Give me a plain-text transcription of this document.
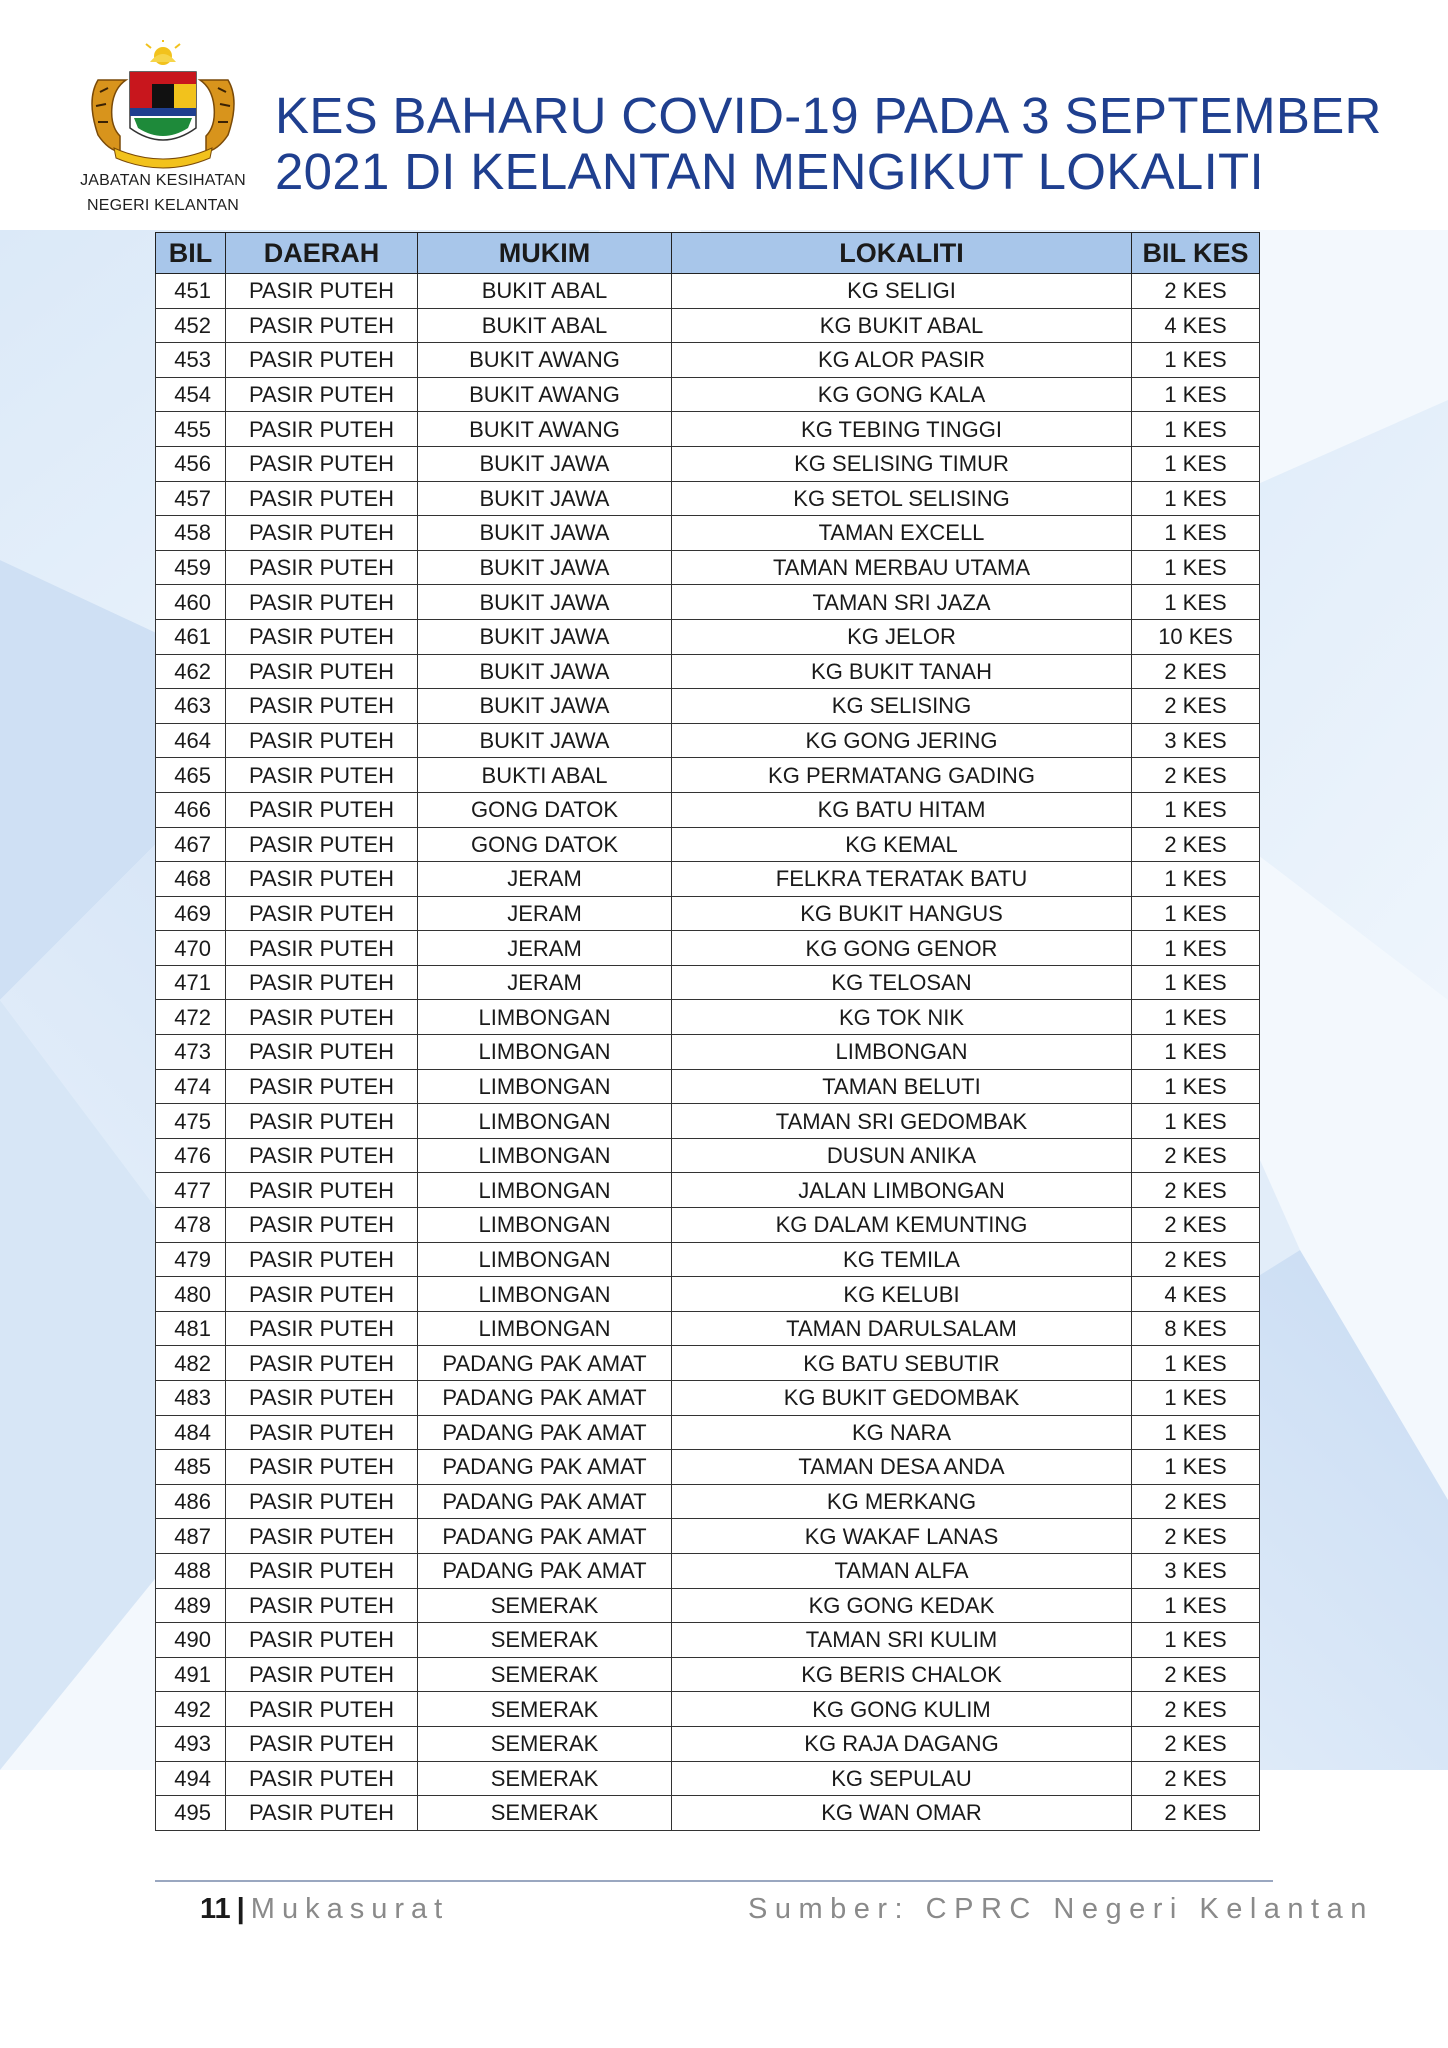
JABATAN KESIHATAN
NEGERI KELANTAN
KES BAHARU COVID-19 PADA 3 SEPTEMBER
2021 DI KELANTAN MENGIKUT LOKALITI
BIL	DAERAH	MUKIM	LOKALITI	BIL KES
451	PASIR PUTEH	BUKIT ABAL	KG SELIGI	2 KES
452	PASIR PUTEH	BUKIT ABAL	KG BUKIT ABAL	4 KES
453	PASIR PUTEH	BUKIT AWANG	KG ALOR PASIR	1 KES
454	PASIR PUTEH	BUKIT AWANG	KG GONG KALA	1 KES
455	PASIR PUTEH	BUKIT AWANG	KG TEBING TINGGI	1 KES
456	PASIR PUTEH	BUKIT JAWA	KG SELISING TIMUR	1 KES
457	PASIR PUTEH	BUKIT JAWA	KG SETOL SELISING	1 KES
458	PASIR PUTEH	BUKIT JAWA	TAMAN EXCELL	1 KES
459	PASIR PUTEH	BUKIT JAWA	TAMAN MERBAU UTAMA	1 KES
460	PASIR PUTEH	BUKIT JAWA	TAMAN SRI JAZA	1 KES
461	PASIR PUTEH	BUKIT JAWA	KG JELOR	10 KES
462	PASIR PUTEH	BUKIT JAWA	KG BUKIT TANAH	2 KES
463	PASIR PUTEH	BUKIT JAWA	KG SELISING	2 KES
464	PASIR PUTEH	BUKIT JAWA	KG GONG JERING	3 KES
465	PASIR PUTEH	BUKTI ABAL	KG PERMATANG GADING	2 KES
466	PASIR PUTEH	GONG DATOK	KG BATU HITAM	1 KES
467	PASIR PUTEH	GONG DATOK	KG KEMAL	2 KES
468	PASIR PUTEH	JERAM	FELKRA TERATAK BATU	1 KES
469	PASIR PUTEH	JERAM	KG BUKIT HANGUS	1 KES
470	PASIR PUTEH	JERAM	KG GONG GENOR	1 KES
471	PASIR PUTEH	JERAM	KG TELOSAN	1 KES
472	PASIR PUTEH	LIMBONGAN	KG TOK NIK	1 KES
473	PASIR PUTEH	LIMBONGAN	LIMBONGAN	1 KES
474	PASIR PUTEH	LIMBONGAN	TAMAN BELUTI	1 KES
475	PASIR PUTEH	LIMBONGAN	TAMAN SRI GEDOMBAK	1 KES
476	PASIR PUTEH	LIMBONGAN	DUSUN ANIKA	2 KES
477	PASIR PUTEH	LIMBONGAN	JALAN LIMBONGAN	2 KES
478	PASIR PUTEH	LIMBONGAN	KG DALAM KEMUNTING	2 KES
479	PASIR PUTEH	LIMBONGAN	KG TEMILA	2 KES
480	PASIR PUTEH	LIMBONGAN	KG KELUBI	4 KES
481	PASIR PUTEH	LIMBONGAN	TAMAN DARULSALAM	8 KES
482	PASIR PUTEH	PADANG PAK AMAT	KG BATU SEBUTIR	1 KES
483	PASIR PUTEH	PADANG PAK AMAT	KG BUKIT GEDOMBAK	1 KES
484	PASIR PUTEH	PADANG PAK AMAT	KG NARA	1 KES
485	PASIR PUTEH	PADANG PAK AMAT	TAMAN DESA ANDA	1 KES
486	PASIR PUTEH	PADANG PAK AMAT	KG MERKANG	2 KES
487	PASIR PUTEH	PADANG PAK AMAT	KG WAKAF LANAS	2 KES
488	PASIR PUTEH	PADANG PAK AMAT	TAMAN ALFA	3 KES
489	PASIR PUTEH	SEMERAK	KG GONG KEDAK	1 KES
490	PASIR PUTEH	SEMERAK	TAMAN SRI KULIM	1 KES
491	PASIR PUTEH	SEMERAK	KG BERIS CHALOK	2 KES
492	PASIR PUTEH	SEMERAK	KG GONG KULIM	2 KES
493	PASIR PUTEH	SEMERAK	KG RAJA DAGANG	2 KES
494	PASIR PUTEH	SEMERAK	KG SEPULAU	2 KES
495	PASIR PUTEH	SEMERAK	KG WAN OMAR	2 KES
11 | Mukasurat	Sumber: CPRC Negeri Kelantan
